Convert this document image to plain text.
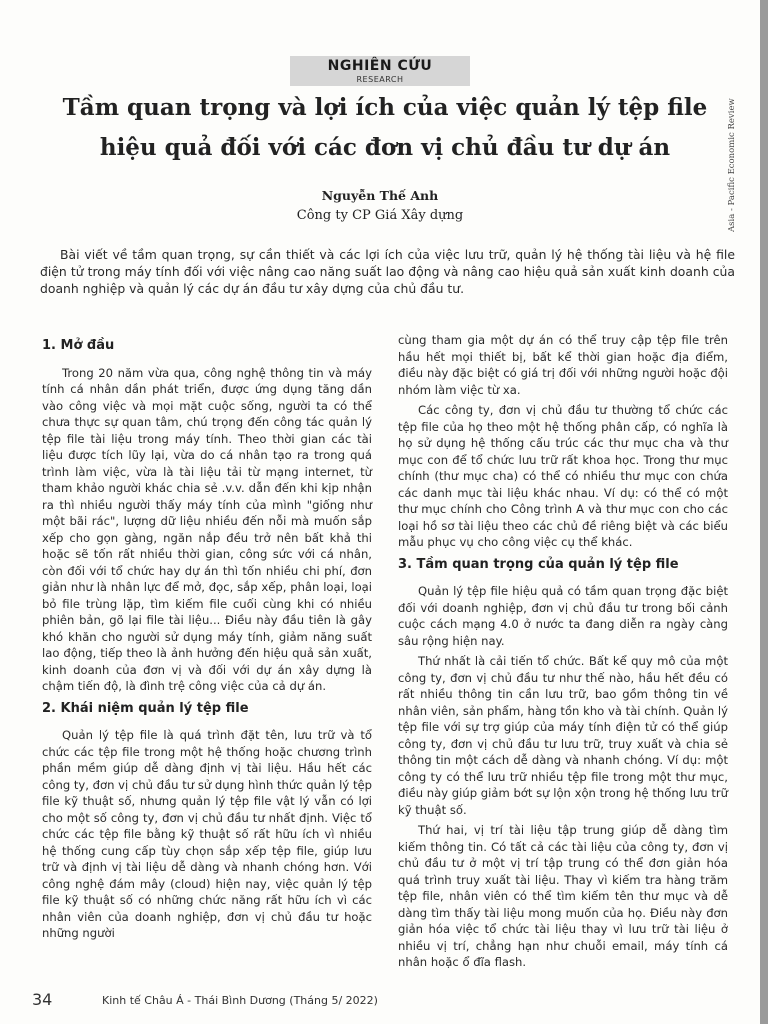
Asia - Pacific Economic Review
NGHIÊN CỨU
RESEARCH
Tầm quan trọng và lợi ích của việc quản lý tệp file hiệu quả đối với các đơn vị chủ đầu tư dự án
Nguyễn Thế Anh
Công ty CP Giá Xây dựng
Bài viết về tầm quan trọng, sự cần thiết và các lợi ích của việc lưu trữ, quản lý hệ thống tài liệu và hệ file điện tử trong máy tính đối với việc nâng cao năng suất lao động và nâng cao hiệu quả sản xuất kinh doanh của doanh nghiệp và quản lý các dự án đầu tư xây dựng của chủ đầu tư.
1. Mở đầu

Trong 20 năm vừa qua, công nghệ thông tin và máy tính cá nhân dần phát triển, được ứng dụng tăng dần vào công việc và mọi mặt cuộc sống, người ta có thể chưa thực sự quan tâm, chú trọng đến công tác quản lý tệp file tài liệu trong máy tính. Theo thời gian các tài liệu được tích lũy lại, vừa do cá nhân tạo ra trong quá trình làm việc, vừa là tài liệu tải từ mạng internet, từ tham khảo người khác chia sẻ .v.v. dẫn đến khi kịp nhận ra thì nhiều người thấy máy tính của mình "giống như một bãi rác", lượng dữ liệu nhiều đến nỗi mà muốn sắp xếp cho gọn gàng, ngăn nắp đều trở nên bất khả thi hoặc sẽ tốn rất nhiều thời gian, công sức với cá nhân, còn đối với tổ chức hay dự án thì tốn nhiều chi phí, đơn giản như là nhân lực để mở, đọc, sắp xếp, phân loại, loại bỏ file trùng lặp, tìm kiếm file cuối cùng khi có nhiều phiên bản, gõ lại file tài liệu... Điều này đầu tiên là gây khó khăn cho người sử dụng máy tính, giảm năng suất lao động, tiếp theo là ảnh hưởng đến hiệu quả sản xuất, kinh doanh của đơn vị và đối với dự án xây dựng là chậm tiến độ, là đình trệ công việc của cả dự án.

2. Khái niệm quản lý tệp file

Quản lý tệp file là quá trình đặt tên, lưu trữ và tổ chức các tệp file trong một hệ thống hoặc chương trình phần mềm giúp dễ dàng định vị tài liệu. Hầu hết các công ty, đơn vị chủ đầu tư sử dụng hình thức quản lý tệp file kỹ thuật số, nhưng quản lý tệp file vật lý vẫn có lợi cho một số công ty, đơn vị chủ đầu tư nhất định. Việc tổ chức các tệp file bằng kỹ thuật số rất hữu ích vì nhiều hệ thống cung cấp tùy chọn sắp xếp tệp file, giúp lưu trữ và định vị tài liệu dễ dàng và nhanh chóng hơn. Với công nghệ đám mây (cloud) hiện nay, việc quản lý tệp file kỹ thuật số có những chức năng rất hữu ích vì các nhân viên của doanh nghiệp, đơn vị chủ đầu tư hoặc những người

cùng tham gia một dự án có thể truy cập tệp file trên hầu hết mọi thiết bị, bất kể thời gian hoặc địa điểm, điều này đặc biệt có giá trị đối với những người hoặc đội nhóm làm việc từ xa.

Các công ty, đơn vị chủ đầu tư thường tổ chức các tệp file của họ theo một hệ thống phân cấp, có nghĩa là họ sử dụng hệ thống cấu trúc các thư mục cha và thư mục con để tổ chức lưu trữ rất khoa học. Trong thư mục chính (thư mục cha) có thể có nhiều thư mục con chứa các danh mục tài liệu khác nhau. Ví dụ: có thể có một thư mục chính cho Công trình A và thư mục con cho các loại hồ sơ tài liệu theo các chủ đề riêng biệt và các biểu mẫu phục vụ cho công việc cụ thể khác.

3. Tầm quan trọng của quản lý tệp file

Quản lý tệp file hiệu quả có tầm quan trọng đặc biệt đối với doanh nghiệp, đơn vị chủ đầu tư trong bối cảnh cuộc cách mạng 4.0 ở nước ta đang diễn ra ngày càng sâu rộng hiện nay.

Thứ nhất là cải tiến tổ chức. Bất kể quy mô của một công ty, đơn vị chủ đầu tư như thế nào, hầu hết đều có rất nhiều thông tin cần lưu trữ, bao gồm thông tin về nhân viên, sản phẩm, hàng tồn kho và tài chính. Quản lý tệp file với sự trợ giúp của máy tính điện tử có thể giúp công ty, đơn vị chủ đầu tư lưu trữ, truy xuất và chia sẻ thông tin một cách dễ dàng và nhanh chóng. Ví dụ: một công ty có thể lưu trữ nhiều tệp file trong một thư mục, điều này giúp giảm bớt sự lộn xộn trong hệ thống lưu trữ kỹ thuật số.

Thứ hai, vị trí tài liệu tập trung giúp dễ dàng tìm kiếm thông tin. Có tất cả các tài liệu của công ty, đơn vị chủ đầu tư ở một vị trí tập trung có thể đơn giản hóa quá trình truy xuất tài liệu. Thay vì kiếm tra hàng trăm tệp file, nhân viên có thể tìm kiếm tên thư mục và dễ dàng tìm thấy tài liệu mong muốn của họ. Điều này đơn giản hóa việc tổ chức tài liệu thay vì lưu trữ tài liệu ở nhiều vị trí, chẳng hạn như chuỗi email, máy tính cá nhân hoặc ổ đĩa flash.

34	Kinh tế Châu Á - Thái Bình Dương (Tháng 5/ 2022)
